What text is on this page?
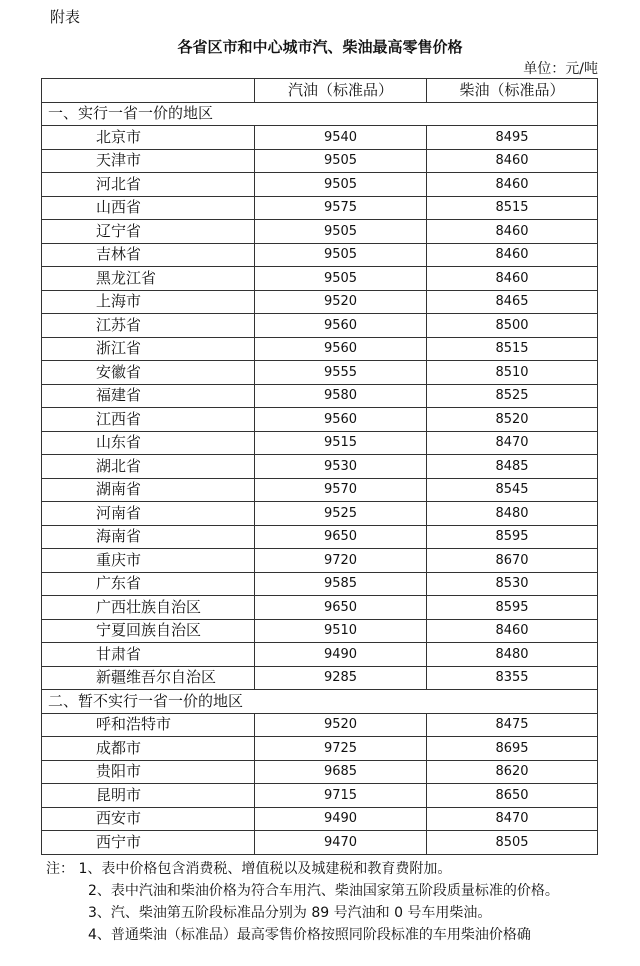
附表
各省区市和中心城市汽、柴油最高零售价格
单位：元/吨
	汽油（标准品）	柴油（标准品）
一、实行一省一价的地区		
北京市	9540	8495
天津市	9505	8460
河北省	9505	8460
山西省	9575	8515
辽宁省	9505	8460
吉林省	9505	8460
黑龙江省	9505	8460
上海市	9520	8465
江苏省	9560	8500
浙江省	9560	8515
安徽省	9555	8510
福建省	9580	8525
江西省	9560	8520
山东省	9515	8470
湖北省	9530	8485
湖南省	9570	8545
河南省	9525	8480
海南省	9650	8595
重庆市	9720	8670
广东省	9585	8530
广西壮族自治区	9650	8595
宁夏回族自治区	9510	8460
甘肃省	9490	8480
新疆维吾尔自治区	9285	8355
二、暂不实行一省一价的地区		
呼和浩特市	9520	8475
成都市	9725	8695
贵阳市	9685	8620
昆明市	9715	8650
西安市	9490	8470
西宁市	9470	8505

注： 1、表中价格包含消费税、增值税以及城建税和教育费附加。

2、表中汽油和柴油价格为符合车用汽、柴油国家第五阶段质量标准的价格。

3、汽、柴油第五阶段标准品分别为 89 号汽油和 0 号车用柴油。

4、普通柴油（标准品）最高零售价格按照同阶段标准的车用柴油价格确
